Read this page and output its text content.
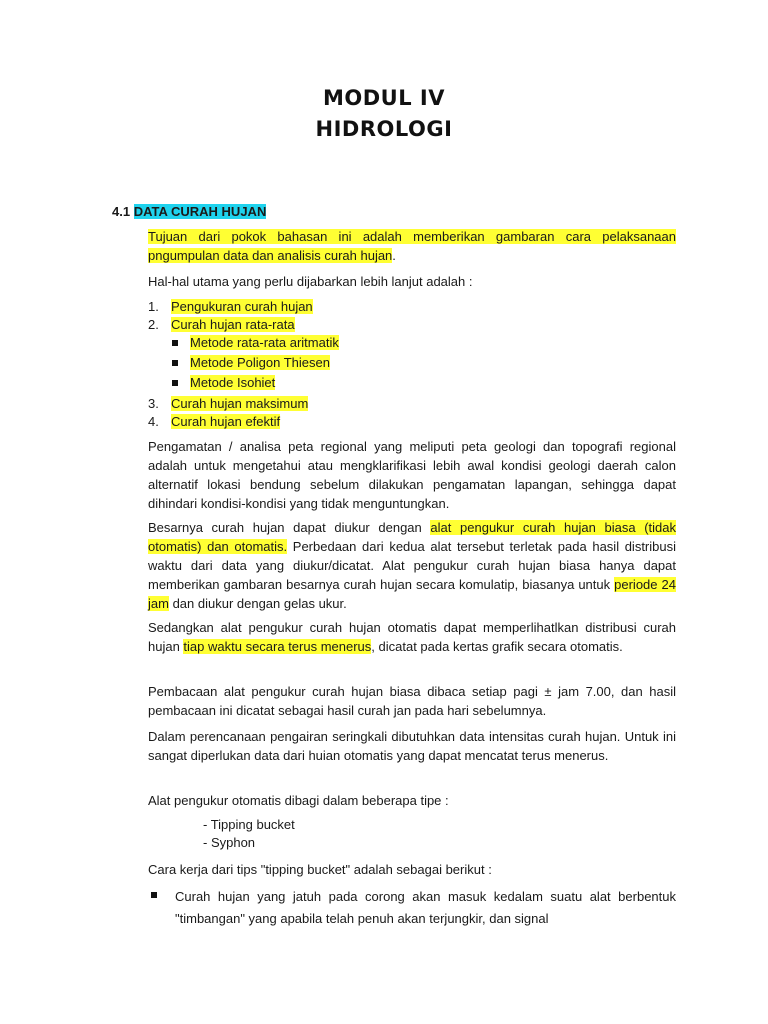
MODUL IV
HIDROLOGI
4.1 DATA CURAH HUJAN
Tujuan dari pokok bahasan ini adalah memberikan gambaran cara pelaksanaan pngumpulan data dan analisis curah hujan.
Hal-hal utama yang perlu dijabarkan lebih lanjut adalah :
1. Pengukuran curah hujan
2. Curah hujan rata-rata
Metode rata-rata aritmatik
Metode Poligon Thiesen
Metode Isohiet
3. Curah hujan maksimum
4. Curah hujan efektif
Pengamatan / analisa peta regional yang meliputi peta geologi dan topografi regional adalah untuk mengetahui atau mengklarifikasi lebih awal kondisi geologi daerah calon alternatif lokasi bendung sebelum dilakukan pengamatan lapangan, sehingga dapat dihindari kondisi-kondisi yang tidak menguntungkan.
Besarnya curah hujan dapat diukur dengan alat pengukur curah hujan biasa (tidak otomatis) dan otomatis. Perbedaan dari kedua alat tersebut terletak pada hasil distribusi waktu dari data yang diukur/dicatat. Alat pengukur curah hujan biasa hanya dapat memberikan gambaran besarnya curah hujan secara komulatip, biasanya untuk periode 24 jam dan diukur dengan gelas ukur.
Sedangkan alat pengukur curah hujan otomatis dapat memperlihatlkan distribusi curah hujan tiap waktu secara terus menerus, dicatat pada kertas grafik secara otomatis.
Pembacaan alat pengukur curah hujan biasa dibaca setiap pagi ± jam 7.00, dan hasil pembacaan ini dicatat sebagai hasil curah jan pada hari sebelumnya.
Dalam perencanaan pengairan seringkali dibutuhkan data intensitas curah hujan. Untuk ini sangat diperlukan data dari huian otomatis yang dapat mencatat terus menerus.
Alat pengukur otomatis dibagi dalam beberapa tipe :
- Tipping bucket
- Syphon
Cara kerja dari tips "tipping bucket" adalah sebagai berikut :
Curah hujan yang jatuh pada corong akan masuk kedalam suatu alat berbentuk "timbangan" yang apabila telah penuh akan terjungkir, dan signal
